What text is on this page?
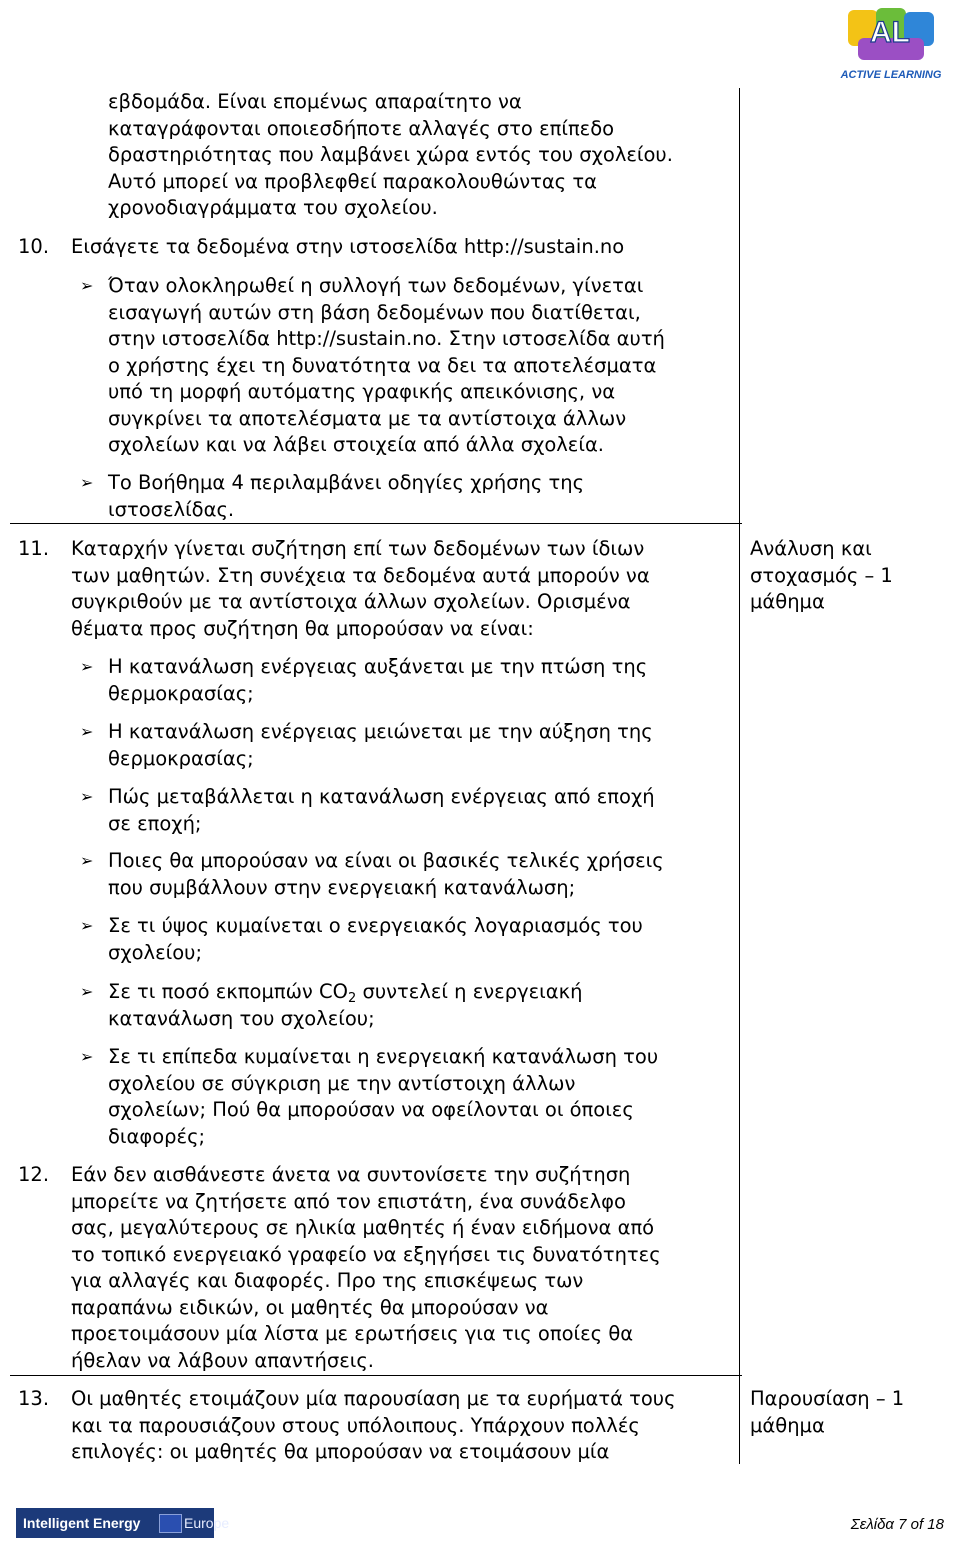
AL
ACTIVE LEARNING

εβδομάδα. Είναι επομένως απαραίτητο να

καταγράφονται οποιεσδήποτε αλλαγές στο επίπεδο

δραστηριότητας που λαμβάνει χώρα εντός του σχολείου.

Αυτό μπορεί να προβλεφθεί παρακολουθώντας τα

χρονοδιαγράμματα του σχολείου.

10. Εισάγετε τα δεδομένα στην ιστοσελίδα http://sustain.no

➢ Όταν ολοκληρωθεί η συλλογή των δεδομένων, γίνεται

εισαγωγή αυτών στη βάση δεδομένων που διατίθεται,

στην ιστοσελίδα http://sustain.no. Στην ιστοσελίδα αυτή

ο χρήστης έχει τη δυνατότητα να δει τα αποτελέσματα

υπό τη μορφή αυτόματης γραφικής απεικόνισης, να

συγκρίνει τα αποτελέσματα με τα αντίστοιχα άλλων

σχολείων και να λάβει στοιχεία από άλλα σχολεία.

➢ Το Βοήθημα 4 περιλαμβάνει οδηγίες χρήσης της

ιστοσελίδας.

11. Καταρχήν γίνεται συζήτηση επί των δεδομένων των ίδιων

των μαθητών. Στη συνέχεια τα δεδομένα αυτά μπορούν να

συγκριθούν με τα αντίστοιχα άλλων σχολείων. Ορισμένα

θέματα προς συζήτηση θα μπορούσαν να είναι:

Ανάλυση και
στοχασμός – 1
μάθημα
➢ Η κατανάλωση ενέργειας αυξάνεται με την πτώση της

θερμοκρασίας;

➢ Η κατανάλωση ενέργειας μειώνεται με την αύξηση της

θερμοκρασίας;

➢ Πώς μεταβάλλεται η κατανάλωση ενέργειας από εποχή

σε εποχή;

➢ Ποιες θα μπορούσαν να είναι οι βασικές τελικές χρήσεις

που συμβάλλουν στην ενεργειακή κατανάλωση;

➢ Σε τι ύψος κυμαίνεται ο ενεργειακός λογαριασμός του

σχολείου;

➢ Σε τι ποσό εκπομπών $CO_2$ συντελεί η ενεργειακή

κατανάλωση του σχολείου;

➢ Σε τι επίπεδα κυμαίνεται η ενεργειακή κατανάλωση του

σχολείου σε σύγκριση με την αντίστοιχη άλλων

σχολείων; Πού θα μπορούσαν να οφείλονται οι όποιες

διαφορές;

12. Εάν δεν αισθάνεστε άνετα να συντονίσετε την συζήτηση

μπορείτε να ζητήσετε από τον επιστάτη, ένα συνάδελφο

σας, μεγαλύτερους σε ηλικία μαθητές ή έναν ειδήμονα από

το τοπικό ενεργειακό γραφείο να εξηγήσει τις δυνατότητες

για αλλαγές και διαφορές. Προ της επισκέψεως των

παραπάνω ειδικών, οι μαθητές θα μπορούσαν να

προετοιμάσουν μία λίστα με ερωτήσεις για τις οποίες θα

ήθελαν να λάβουν απαντήσεις.

13. Οι μαθητές ετοιμάζουν μία παρουσίαση με τα ευρήματά τους

και τα παρουσιάζουν στους υπόλοιπους. Υπάρχουν πολλές

επιλογές: οι μαθητές θα μπορούσαν να ετοιμάσουν μία

Παρουσίαση – 1
μάθημα
Intelligent Energy	Europe	Σελίδα 7 of 18
